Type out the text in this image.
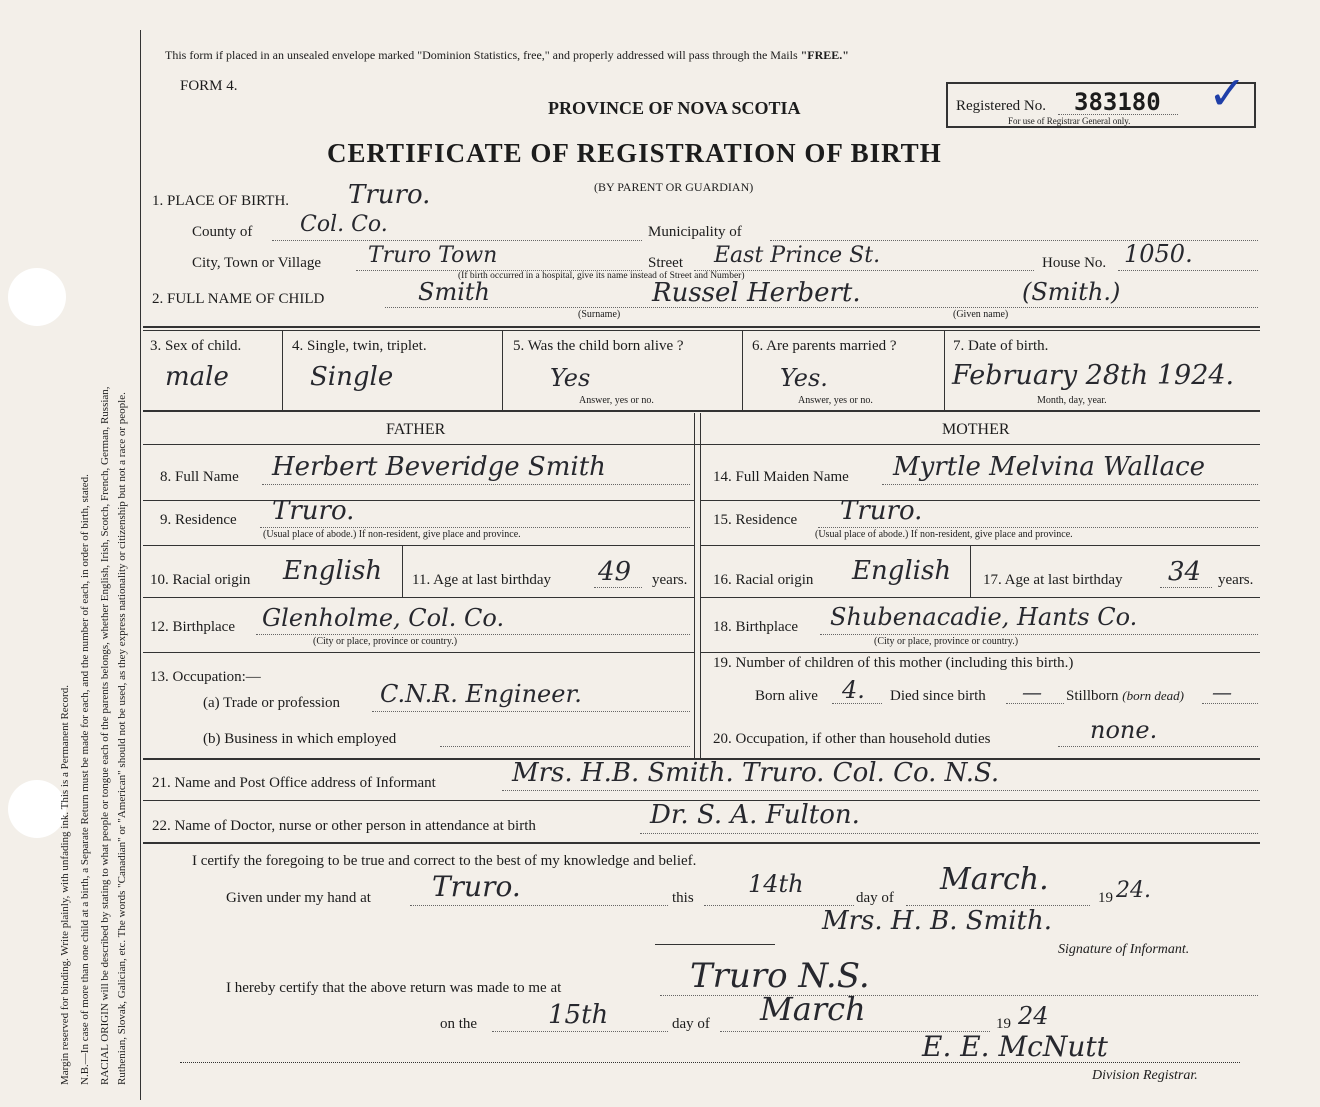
Margin reserved for binding. Write plainly, with unfading ink. This is a Permanent Record. N.B.—In case of more than one child at a birth, a Separate Return must be made for each, and the number of each, in order of birth, stated. RACIAL ORIGIN will be described by stating to what people or tongue each of the parents belongs, whether English, Irish, Scotch, French, German, Russian, Ruthenian, Slovak, Galician, etc. The words "Canadian" or "American" should not be used, as they express nationality or citizenship but not a race or people.
This form if placed in an unsealed envelope marked "Dominion Statistics, free," and properly addressed will pass through the Mails "FREE."
FORM 4.
PROVINCE OF NOVA SCOTIA
CERTIFICATE OF REGISTRATION OF BIRTH
(BY PARENT OR GUARDIAN)
Registered No. 383180 ✓
For use of Registrar General only.
1. PLACE OF BIRTH. Truro.
County of Col. Co.	Municipality of
City, Town or Village Truro Town	Street East Prince St.
(If birth occurred in a hospital, give its name instead of Street and Number)
House No. 1050.
2. FULL NAME OF CHILD	Smith	Russel Herbert.	(Smith.)
(Surname)	(Given name)
3. Sex of child.
male
4. Single, twin, triplet.
Single
5. Was the child born alive ?
Yes
Answer, yes or no.
6. Are parents married ?
Yes.
Answer, yes or no.
7. Date of birth.
February 28th 1924.
Month, day, year.
FATHER	MOTHER
8. Full Name Herbert Beveridge Smith
9. Residence Truro.
(Usual place of abode.) If non-resident, give place and province.
10. Racial origin English 11. Age at last birthday 49 years.
12. Birthplace Glenholme, Col. Co.
(City or place, province or country.)
13. Occupation:—
(a) Trade or profession C.N.R. Engineer.
(b) Business in which employed
14. Full Maiden Name Myrtle Melvina Wallace
15. Residence Truro.
(Usual place of abode.) If non-resident, give place and province.
16. Racial origin English 17. Age at last birthday 34 years.
18. Birthplace Shubenacadie, Hants Co.
(City or place, province or country.)
19. Number of children of this mother (including this birth.)
Born alive 4. Died since birth — Stillborn (born dead) —
20. Occupation, if other than household duties	none.
21. Name and Post Office address of Informant	Mrs. H.B. Smith. Truro. Col. Co. N.S.
22. Name of Doctor, nurse or other person in attendance at birth	Dr. S. A. Fulton.
I certify the foregoing to be true and correct to the best of my knowledge and belief.
Given under my hand at Truro.	this 14th	day of
March.
19 24.
Mrs. H. B. Smith.
Signature of Informant.
I hereby certify that the above return was made to me at	Truro N.S.
on the	15th	day of March	19 24
E. E. McNutt
Division Registrar.
